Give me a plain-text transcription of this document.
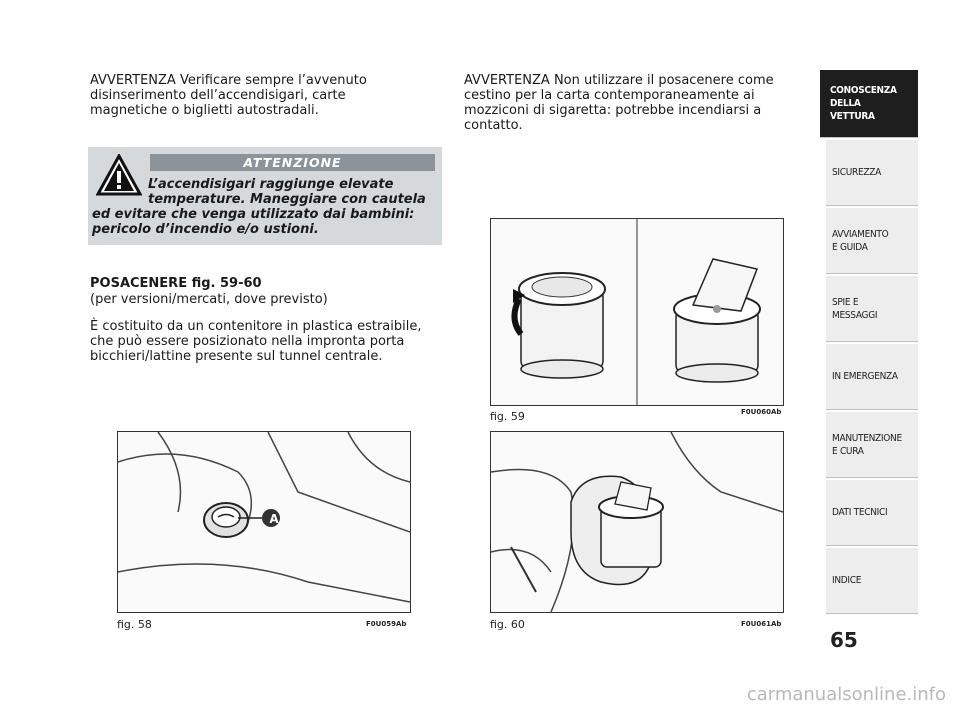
AVVERTENZA Verificare sempre l’avvenuto disinserimento dell’accendisigari, carte magnetiche o biglietti autostradali.
ATTENZIONE
L’accendisigari raggiunge elevate
temperature. Maneggiare con cautela
ed evitare che venga utilizzato dai bambini:
pericolo d’incendio e/o ustioni.
POSACENERE fig. 59-60
(per versioni/mercati, dove previsto)
È costituito da un contenitore in plastica estraibile, che può essere posizionato nella impronta porta bicchieri/lattine presente sul tunnel centrale.
AVVERTENZA Non utilizzare il posacenere come cestino per la carta contemporaneamente ai mozziconi di sigaretta: potrebbe incendiarsi a contatto.
A
fig. 58	F0U059Ab
fig. 59	F0U060Ab
fig. 60	F0U061Ab
CONOSCENZA
DELLA
VETTURA
SICUREZZA
AVVIAMENTO
E GUIDA
SPIE E
MESSAGGI
IN EMERGENZA
MANUTENZIONE
E CURA
DATI TECNICI
INDICE
65
carmanualsonline.info
